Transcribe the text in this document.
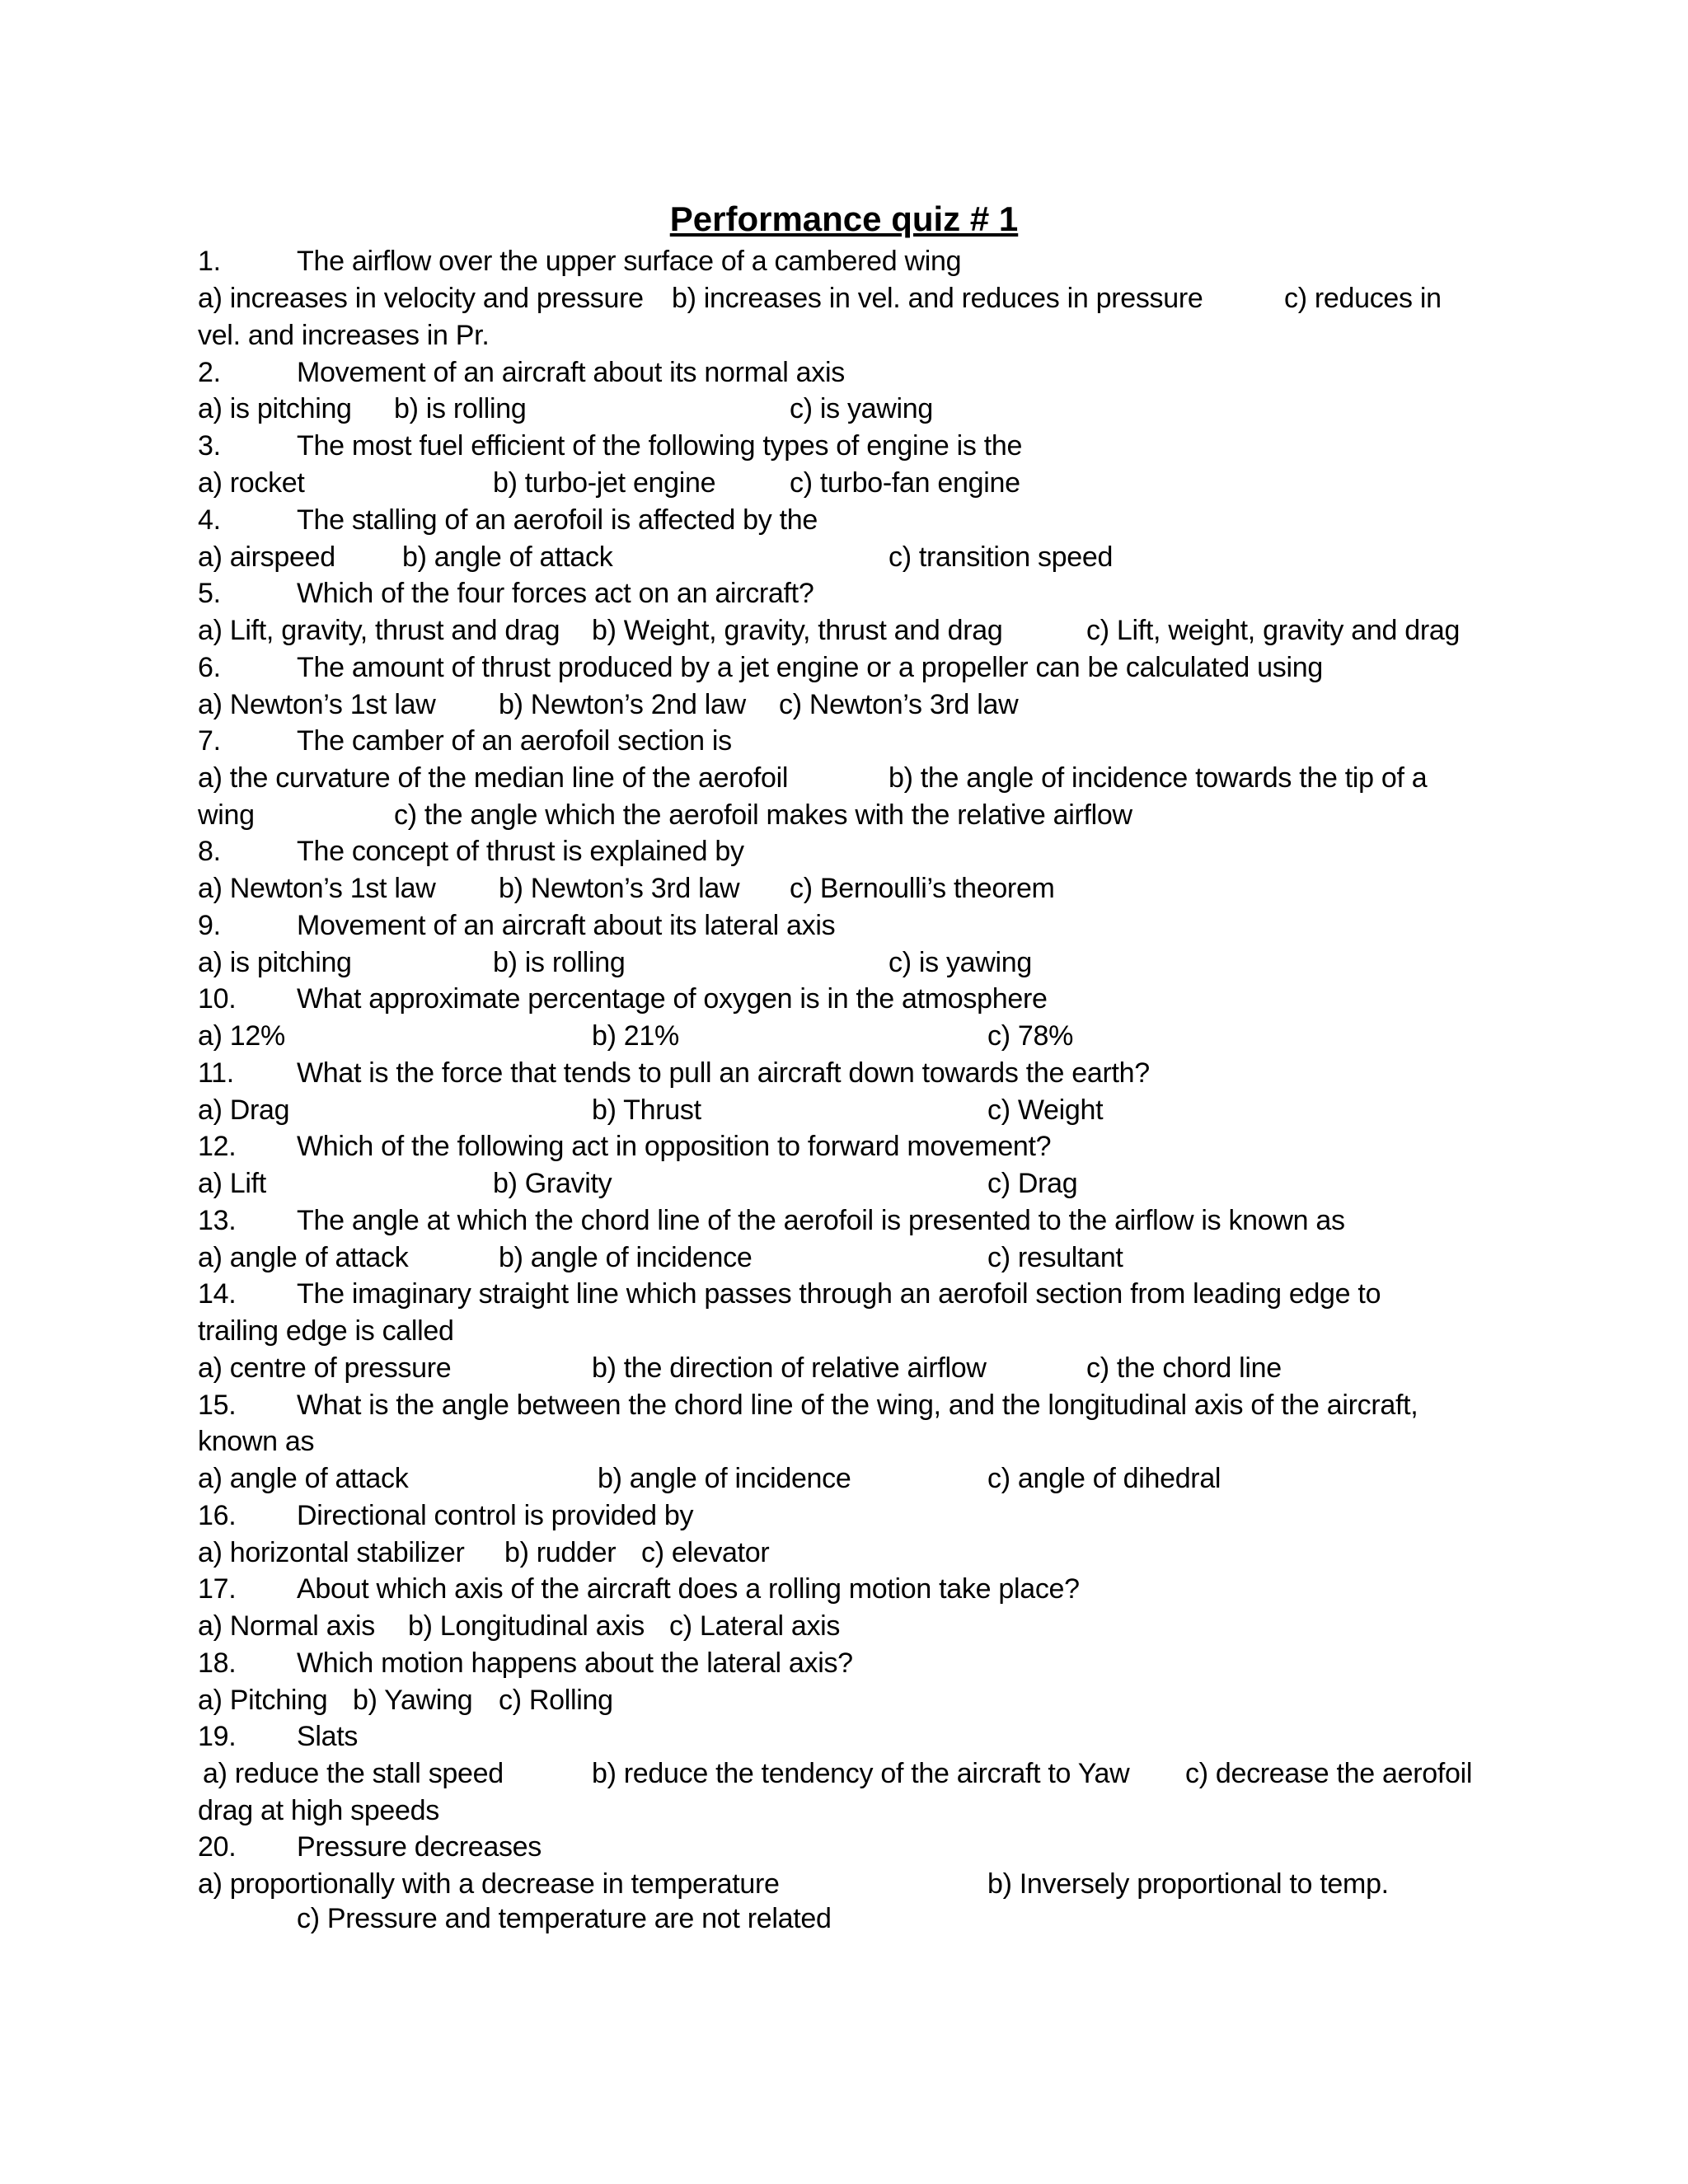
Performance quiz # 1
1.	The airflow over the upper surface of a cambered wing
a) increases in velocity and pressure b) increases in vel. and reduces in pressure	c) reduces in
vel. and increases in Pr.
2.	Movement of an aircraft about its normal axis
a) is pitching b) is rolling	c) is yawing
3.	The most fuel efficient of the following types of engine is the
a) rocket	b) turbo-jet engine	c) turbo-fan engine
4.	The stalling of an aerofoil is affected by the
a) airspeed b) angle of attack	c) transition speed
5.	Which of the four forces act on an aircraft?
a) Lift, gravity, thrust and drag b) Weight, gravity, thrust and drag	c) Lift, weight, gravity and drag
6.	The amount of thrust produced by a jet engine or a propeller can be calculated using
a) Newton’s 1st law b) Newton’s 2nd law c) Newton’s 3rd law
7.	The camber of an aerofoil section is
a) the curvature of the median line of the aerofoil	b) the angle of incidence towards the tip of a
wing	c) the angle which the aerofoil makes with the relative airflow
8.	The concept of thrust is explained by
a) Newton’s 1st law b) Newton’s 3rd law c) Bernoulli’s theorem
9.	Movement of an aircraft about its lateral axis
a) is pitching	b) is rolling	c) is yawing
10. What approximate percentage of oxygen is in the atmosphere
a) 12%	b) 21%	c) 78%
11. What is the force that tends to pull an aircraft down towards the earth?
a) Drag	b) Thrust	c) Weight
12. Which of the following act in opposition to forward movement?
a) Lift	b) Gravity	c) Drag
13. The angle at which the chord line of the aerofoil is presented to the airflow is known as
a) angle of attack	b) angle of incidence	c) resultant
14. The imaginary straight line which passes through an aerofoil section from leading edge to
trailing edge is called
a) centre of pressure	b) the direction of relative airflow	c) the chord line
15. What is the angle between the chord line of the wing, and the longitudinal axis of the aircraft,
known as
a) angle of attack	b) angle of incidence	c) angle of dihedral
16. Directional control is provided by
a) horizontal stabilizer b) rudder c) elevator
17. About which axis of the aircraft does a rolling motion take place?
a) Normal axis b) Longitudinal axis c) Lateral axis
18. Which motion happens about the lateral axis?
a) Pitching b) Yawing c) Rolling
19. Slats
a) reduce the stall speed	b) reduce the tendency of the aircraft to Yaw c) decrease the aerofoil
drag at high speeds
20. Pressure decreases
a) proportionally with a decrease in temperature	b) Inversely proportional to temp.
c) Pressure and temperature are not related
